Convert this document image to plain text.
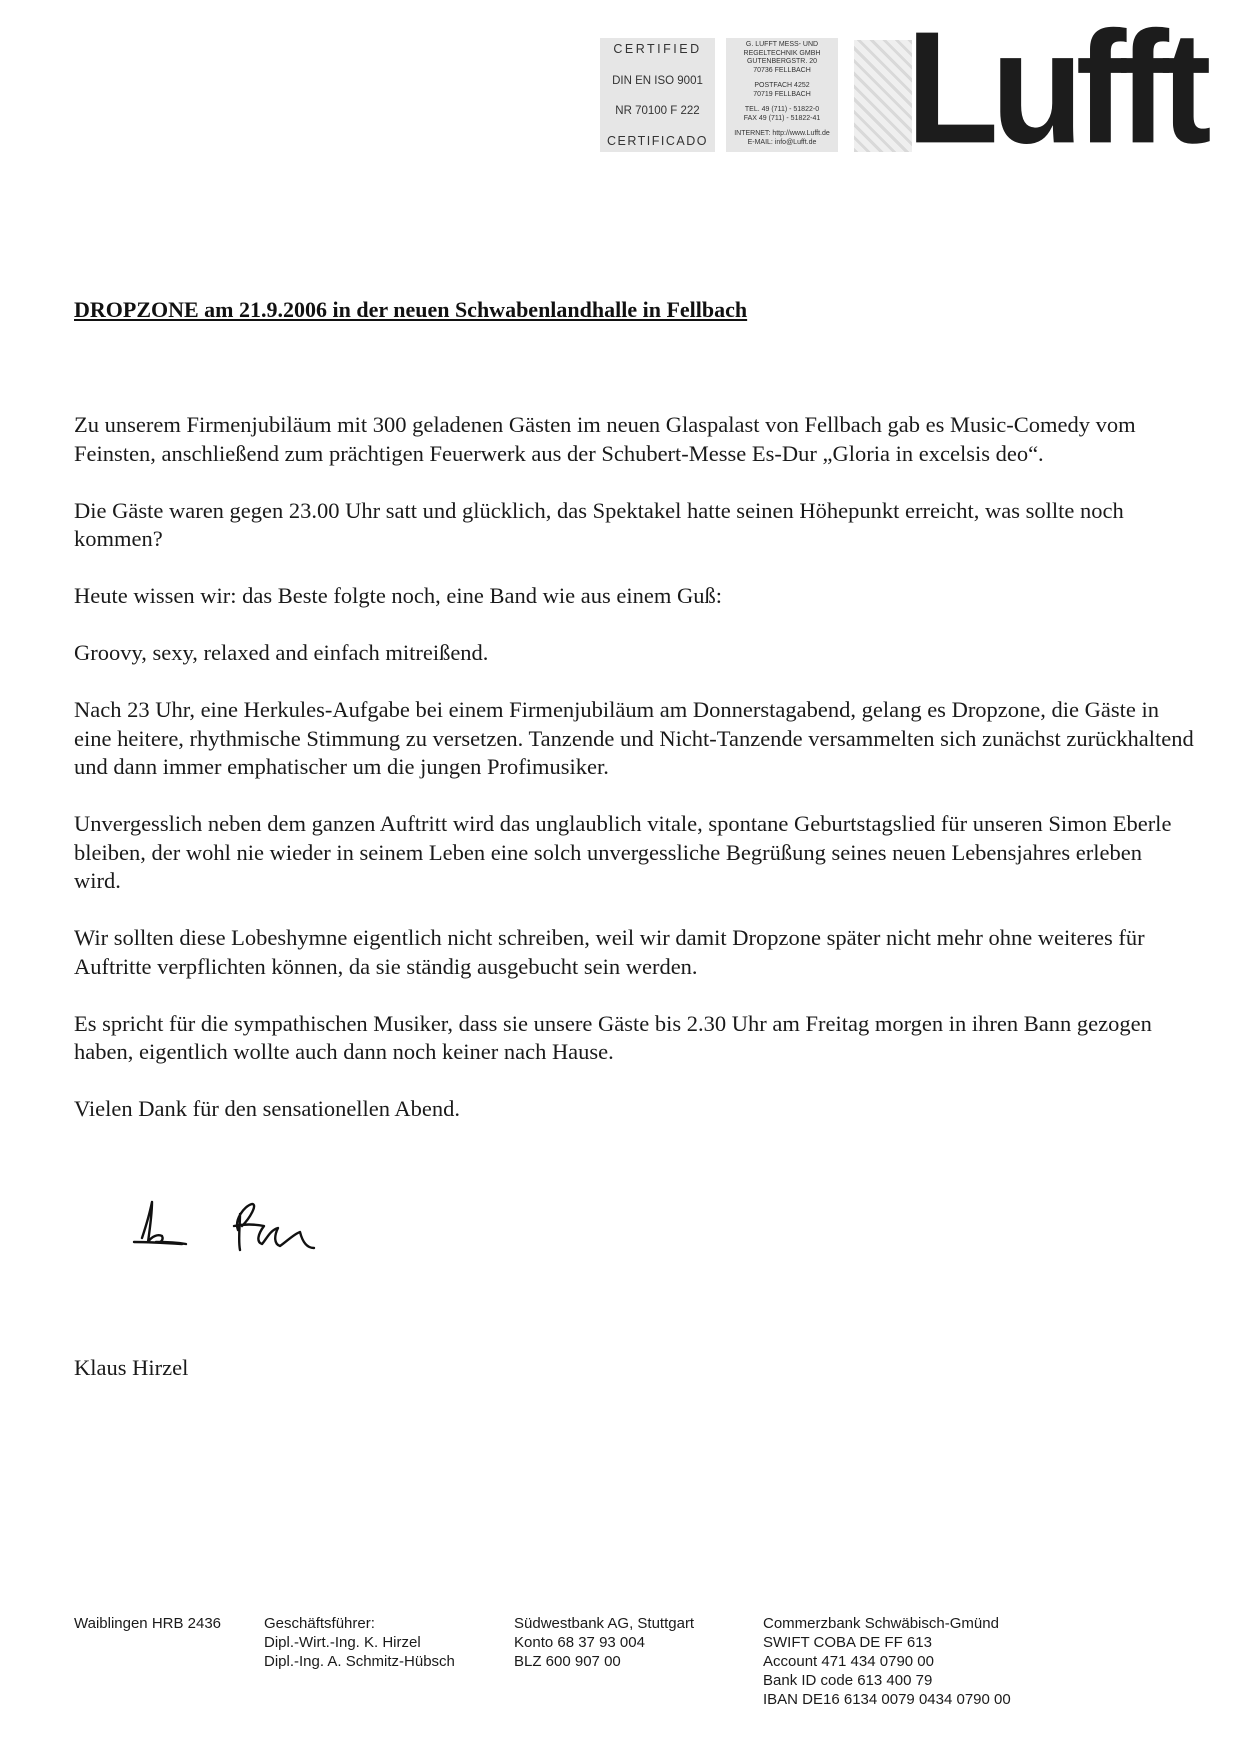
CERTIFIED
DIN EN ISO 9001
NR 70100 F 222
CERTIFICADO
G. LUFFT MESS- UND
REGELTECHNIK GMBH
GUTENBERGSTR. 20
70736 FELLBACH
POSTFACH 4252
70719 FELLBACH
TEL. 49 (711) - 51822-0
FAX 49 (711) - 51822-41
INTERNET: http://www.Lufft.de
E-MAIL: info@Lufft.de Lufft
DROPZONE am 21.9.2006 in der neuen Schwabenlandhalle in Fellbach

Zu unserem Firmenjubiläum mit 300 geladenen Gästen im neuen Glaspalast von Fellbach gab es Music-Comedy vom Feinsten, anschließend zum prächtigen Feuerwerk aus der Schubert-Messe Es-Dur „Gloria in excelsis deo“.

Die Gäste waren gegen 23.00 Uhr satt und glücklich, das Spektakel hatte seinen Höhepunkt erreicht, was sollte noch kommen?

Heute wissen wir: das Beste folgte noch, eine Band wie aus einem Guß:

Groovy, sexy, relaxed and einfach mitreißend.

Nach 23 Uhr, eine Herkules-Aufgabe bei einem Firmenjubiläum am Donnerstagabend, gelang es Dropzone, die Gäste in eine heitere, rhythmische Stimmung zu versetzen. Tanzende und Nicht-Tanzende versammelten sich zunächst zurückhaltend und dann immer emphatischer um die jungen Profimusiker.

Unvergesslich neben dem ganzen Auftritt wird das unglaublich vitale, spontane Geburtstagslied für unseren Simon Eberle bleiben, der wohl nie wieder in seinem Leben eine solch unvergessliche Begrüßung seines neuen Lebensjahres erleben wird.

Wir sollten diese Lobeshymne eigentlich nicht schreiben, weil wir damit Dropzone später nicht mehr ohne weiteres für Auftritte verpflichten können, da sie ständig ausgebucht sein werden.

Es spricht für die sympathischen Musiker, dass sie unsere Gäste bis 2.30 Uhr am Freitag morgen in ihren Bann gezogen haben, eigentlich wollte auch dann noch keiner nach Hause.

Vielen Dank für den sensationellen Abend.

Klaus Hirzel
Waiblingen HRB 2436	Geschäftsführer:
Dipl.-Wirt.-Ing. K. Hirzel
Dipl.-Ing. A. Schmitz-Hübsch
Südwestbank AG, Stuttgart
Konto 68 37 93 004
BLZ 600 907 00
Commerzbank Schwäbisch-Gmünd
SWIFT COBA DE FF 613
Account 471 434 0790 00
Bank ID code 613 400 79
IBAN DE16 6134 0079 0434 0790 00
